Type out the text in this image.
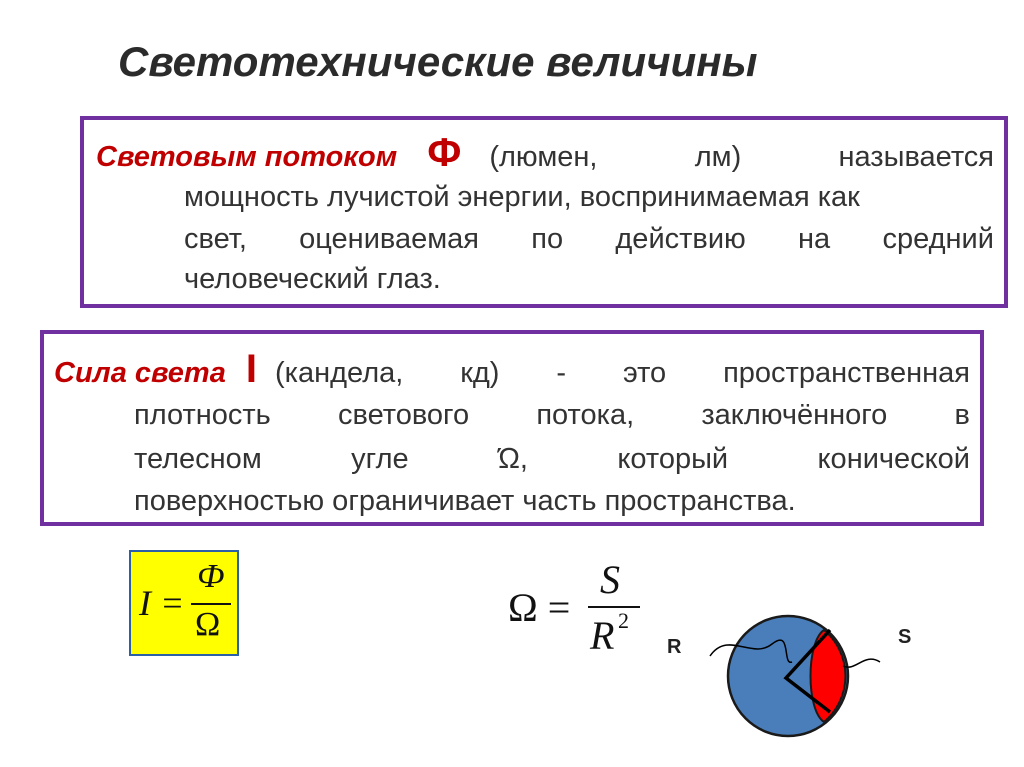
Светотехнические величины
Световым потоком Ф (люмен,	лм)	называется
мощность лучистой энергии, воспринимаемая как
свет, оцениваемая по действию на средний
человеческий глаз.
Сила света I (кандела, кд) - это пространственная
плотность светового потока, заключённого в
телесном	угле	Ώ,	который	конической
поверхностью ограничивает часть пространства.
I =
Ф
Ω	Ω =
S
R 2
R	S
